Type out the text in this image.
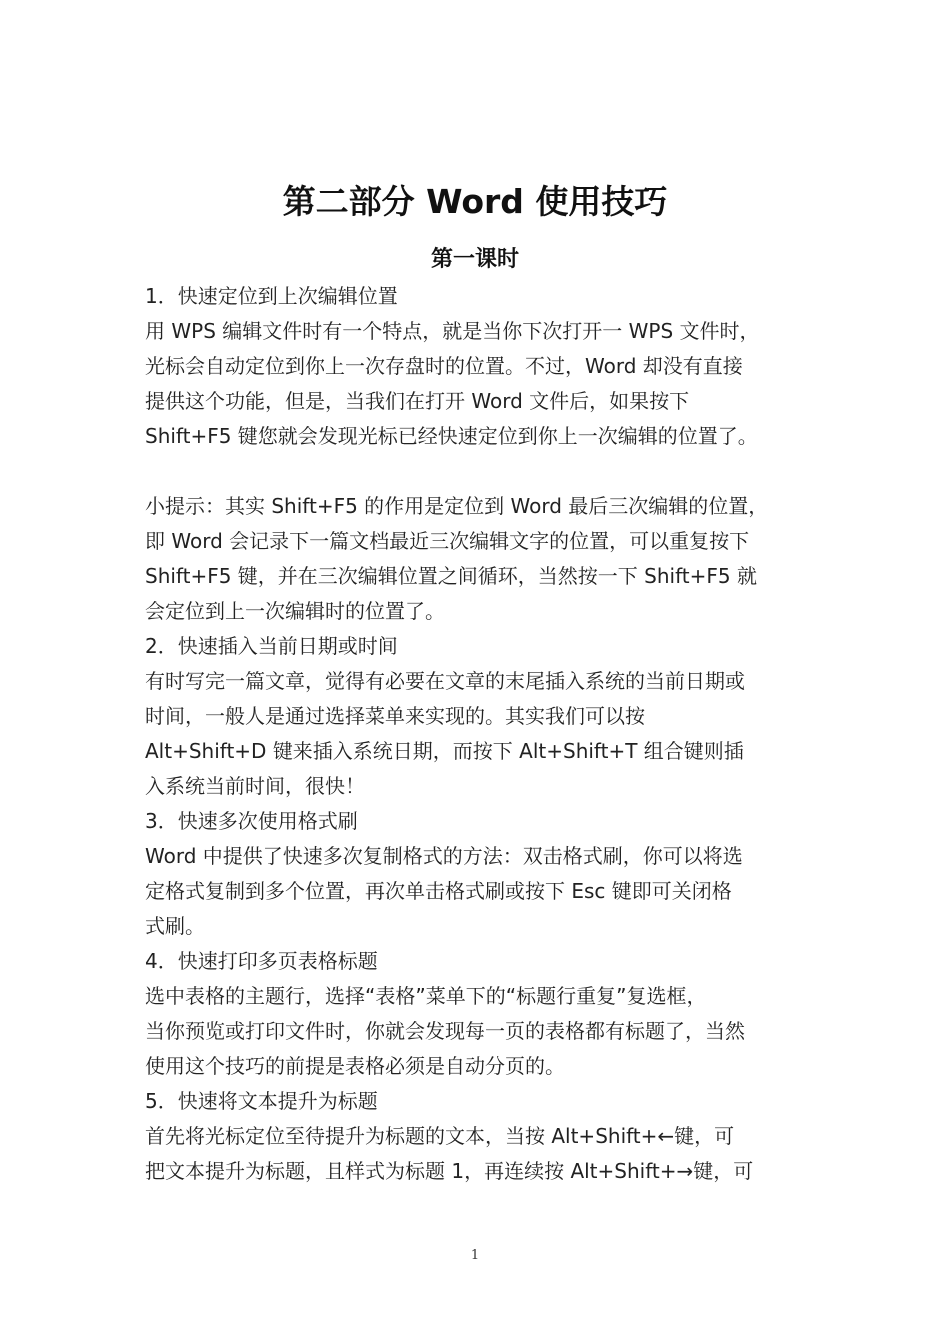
第二部分 Word 使用技巧
第一课时
1．快速定位到上次编辑位置
用 WPS 编辑文件时有一个特点，就是当你下次打开一 WPS 文件时，
光标会自动定位到你上一次存盘时的位置。不过，Word 却没有直接
提供这个功能，但是，当我们在打开 Word 文件后，如果按下
Shift+F5 键您就会发现光标已经快速定位到你上一次编辑的位置了。
小提示：其实 Shift+F5 的作用是定位到 Word 最后三次编辑的位置，
即 Word 会记录下一篇文档最近三次编辑文字的位置，可以重复按下
Shift+F5 键，并在三次编辑位置之间循环，当然按一下 Shift+F5 就
会定位到上一次编辑时的位置了。
2．快速插入当前日期或时间
有时写完一篇文章，觉得有必要在文章的末尾插入系统的当前日期或
时间，一般人是通过选择菜单来实现的。其实我们可以按
Alt+Shift+D 键来插入系统日期，而按下 Alt+Shift+T 组合键则插
入系统当前时间，很快！
3．快速多次使用格式刷
Word 中提供了快速多次复制格式的方法：双击格式刷，你可以将选
定格式复制到多个位置，再次单击格式刷或按下 Esc 键即可关闭格
式刷。
4．快速打印多页表格标题
选中表格的主题行，选择“表格”菜单下的“标题行重复”复选框，
当你预览或打印文件时，你就会发现每一页的表格都有标题了，当然
使用这个技巧的前提是表格必须是自动分页的。
5．快速将文本提升为标题
首先将光标定位至待提升为标题的文本，当按 Alt+Shift+←键，可
把文本提升为标题，且样式为标题 1，再连续按 Alt+Shift+→键，可
1
